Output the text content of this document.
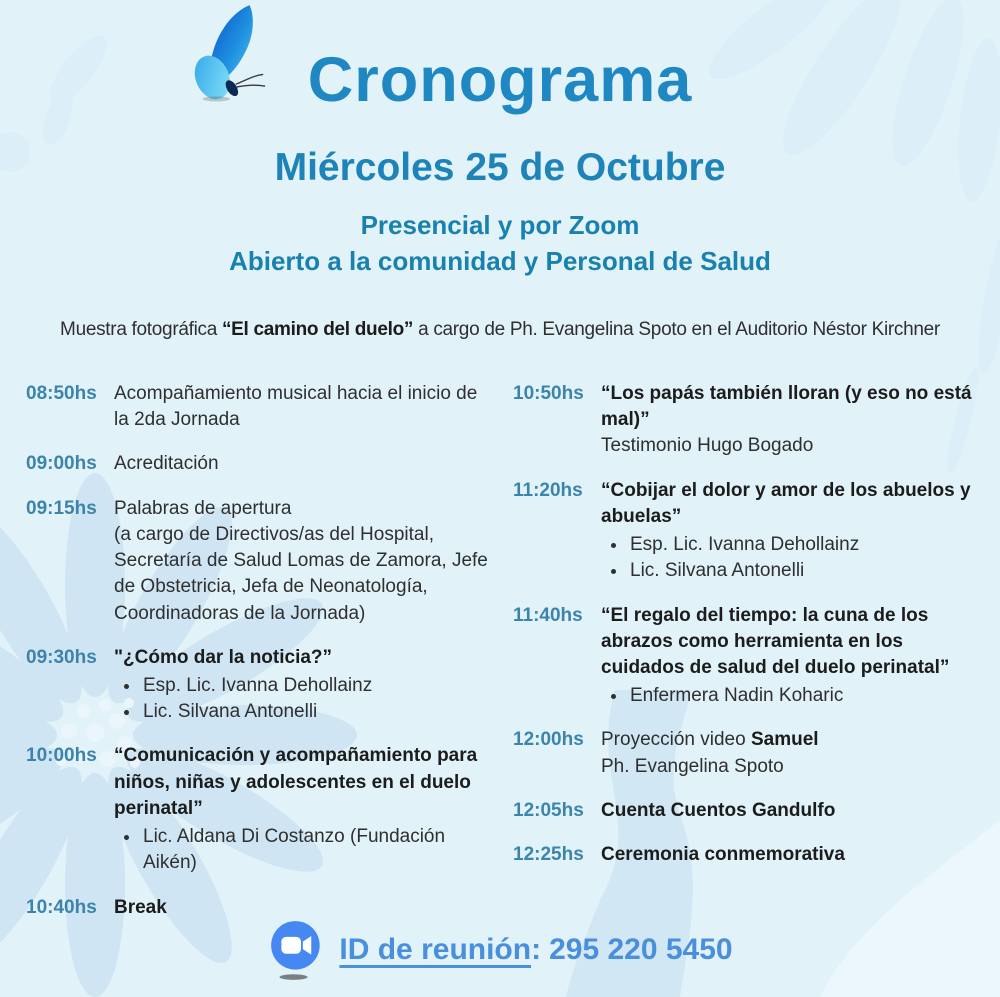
Cronograma
Miércoles 25 de Octubre
Presencial y por Zoom
Abierto a la comunidad y Personal de Salud
Muestra fotográfica “El camino del duelo” a cargo de Ph. Evangelina Spoto en el Auditorio Néstor Kirchner
08:50hs Acompañamiento musical hacia el inicio de la 2da Jornada
09:00hs Acreditación
09:15hs Palabras de apertura
(a cargo de Directivos/as del Hospital, Secretaría de Salud Lomas de Zamora, Jefe de Obstetricia, Jefa de Neonatología, Coordinadoras de la Jornada)
09:30hs "¿Cómo dar la noticia?”
• Esp. Lic. Ivanna Dehollainz
• Lic. Silvana Antonelli
10:00hs “Comunicación y acompañamiento para niños, niñas y adolescentes en el duelo perinatal”
• Lic. Aldana Di Costanzo (Fundación Aikén)
10:40hs Break
10:50hs “Los papás también lloran (y eso no está mal)”
Testimonio Hugo Bogado
11:20hs “Cobijar el dolor y amor de los abuelos y abuelas”
• Esp. Lic. Ivanna Dehollainz
• Lic. Silvana Antonelli
11:40hs “El regalo del tiempo: la cuna de los abrazos como herramienta en los cuidados de salud del duelo perinatal”
• Enfermera Nadin Koharic
12:00hs Proyección video Samuel
Ph. Evangelina Spoto
12:05hs Cuenta Cuentos Gandulfo
12:25hs Ceremonia conmemorativa
ID de reunión: 295 220 5450
